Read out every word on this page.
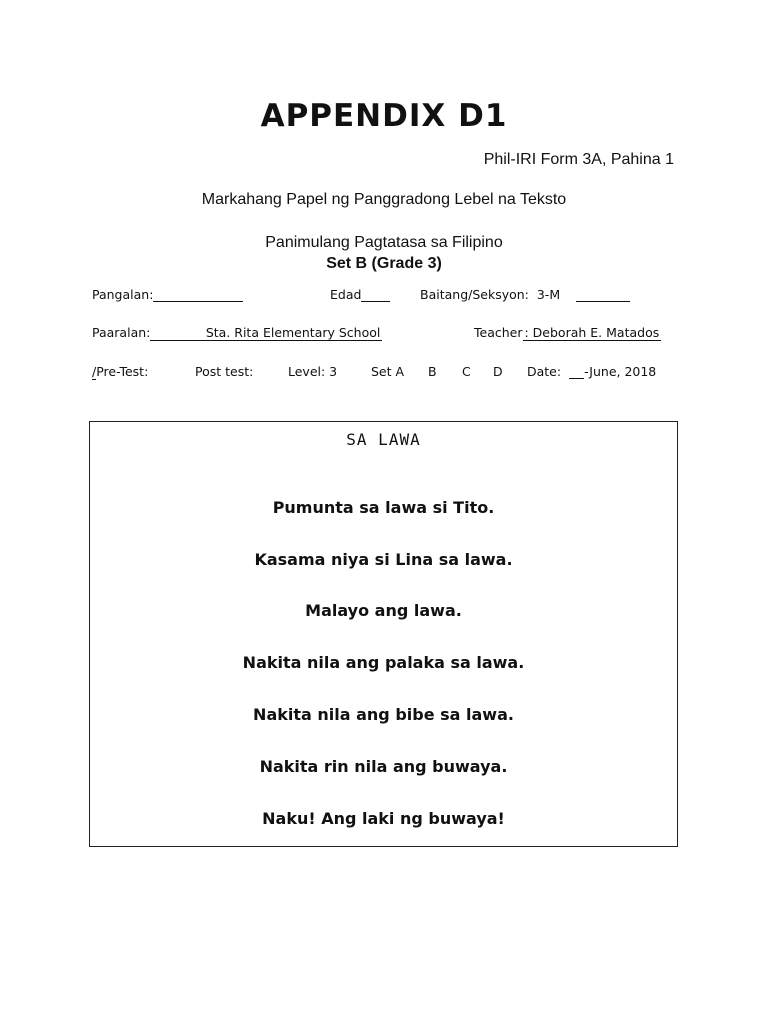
APPENDIX D1
Phil-IRI Form 3A, Pahina 1
Markahang Papel ng Panggradong Lebel na Teksto
Panimulang Pagtatasa sa Filipino
Set B (Grade 3)
Pangalan:	Edad	Baitang/Seksyon: 3-M
Paaralan:	Sta. Rita Elementary School	Teacher : Deborah E. Matados
/Pre-Test:	Post test:	Level: 3	Set A B C D Date: -June, 2018
SA LAWA
Pumunta sa lawa si Tito.
Kasama niya si Lina sa lawa.
Malayo ang lawa.
Nakita nila ang palaka sa lawa.
Nakita nila ang bibe sa lawa.
Nakita rin nila ang buwaya.
Naku! Ang laki ng buwaya!
